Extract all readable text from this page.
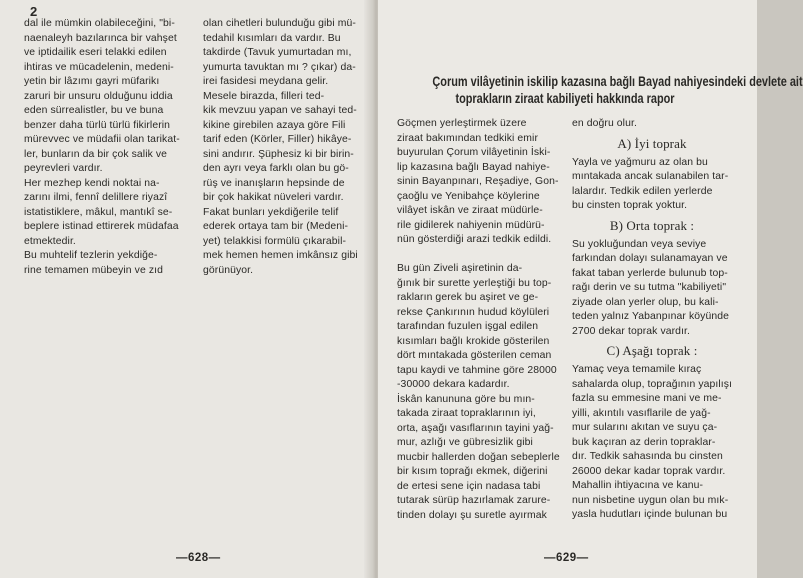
2

dal ile mümkin olabileceğini, "bi-
naenaleyh bazılarınca bir vahşet
ve iptidailik eseri telakki edilen
ihtiras ve mücadelenin, medeni-
yetin bir lâzımı gayri müfarikı
zaruri bir unsuru olduğunu iddia
eden sürrealistler, bu ve buna
benzer daha türlü türlü fikirlerin
mürevvec ve müdafii olan tarikat-
ler, bunların da bir çok salik ve
peyrevleri vardır.
Her mezhep kendi noktai na-
zarını ilmi, fennî delillere riyazî
istatistiklere, mâkul, mantıkî se-
beplere istinad ettirerek müdafaa
etmektedir.
Bu muhtelif tezlerin yekdiğe-
rine temamen mübeyin ve zıd

olan cihetleri bulunduğu gibi mü-
tedahil kısımları da vardır. Bu
takdirde (Tavuk yumurtadan mı,
yumurta tavuktan mı ? çıkar) da-
irei fasidesi meydana gelir.
Mesele birazda, filleri ted-
kik mevzuu yapan ve sahayi ted-
kikine girebilen azaya göre Fili
tarif eden (Körler, Filler) hikâye-
sini andırır. Şüphesiz ki bir birin-
den ayrı veya farklı olan bu gö-
rüş ve inanışların hepsinde de
bir çok hakikat nüveleri vardır.
Fakat bunları yekdiğerile telif
ederek ortaya tam bir (Medeni-
yet) telakkisi formülü çıkarabil-
mek hemen hemen imkânsız gibi
görünüyor.

—628—
Çorum vilâyetinin iskilip kazasına bağlı Bayad nahiyesindeki devlete ait
toprakların ziraat kabiliyeti hakkında rapor

Göçmen yerleştirmek üzere
ziraat bakımından tedkiki emir
buyurulan Çorum vilâyetinin İski-
lip kazasına bağlı Bayad nahiye-
sinin Bayanpınarı, Reşadiye, Gon-
çaoğlu ve Yenibahçe köylerine
vilâyet iskân ve ziraat müdürle-
rile gidilerek nahiyenin müdürü-
nün gösterdiği arazi tedkik edildi.

Bu gün Ziveli aşiretinin da-
ğınık bir surette yerleştiği bu top-
rakların gerek bu aşiret ve ge-
rekse Çankırının hudud köylüleri
tarafından fuzulen işgal edilen
kısımları bağlı krokide gösterilen
dört mıntakada gösterilen ceman
tapu kaydi ve tahmine göre 28000
-30000 dekara kadardır.
İskân kanununa göre bu mın-
takada ziraat topraklarının iyi,
orta, aşağı vasıflarının tayini yağ-
mur, azlığı ve gübresizlik gibi
mucbir hallerden doğan sebeplerle
bir kısım toprağı ekmek, diğerini
de ertesi sene için nadasa tabi
tutarak sürüp hazırlamak zarure-
tinden dolayı şu suretle ayırmak

en doğru olur.

A) İyi toprak

Yayla ve yağmuru az olan bu
mıntakada ancak sulanabilen tar-
lalardır. Tedkik edilen yerlerde
bu cinsten toprak yoktur.

B) Orta toprak :

Su yokluğundan veya seviye
farkından dolayı sulanamayan ve
fakat taban yerlerde bulunub top-
rağı derin ve su tutma "kabiliyeti"
ziyade olan yerler olup, bu kali-
teden yalnız Yabanpınar köyünde
2700 dekar toprak vardır.

C) Aşağı toprak :

Yamaç veya temamile kıraç
sahalarda olup, toprağının yapılışı
fazla su emmesine mani ve me-
yilli, akıntılı vasıflarile de yağ-
mur sularını akıtan ve suyu ça-
buk kaçıran az derin topraklar-
dır. Tedkik sahasında bu cinsten
26000 dekar kadar toprak vardır.
Mahallin ihtiyacına ve kanu-
nun nisbetine uygun olan bu mık-
yasla hudutları içinde bulunan bu

—629—
